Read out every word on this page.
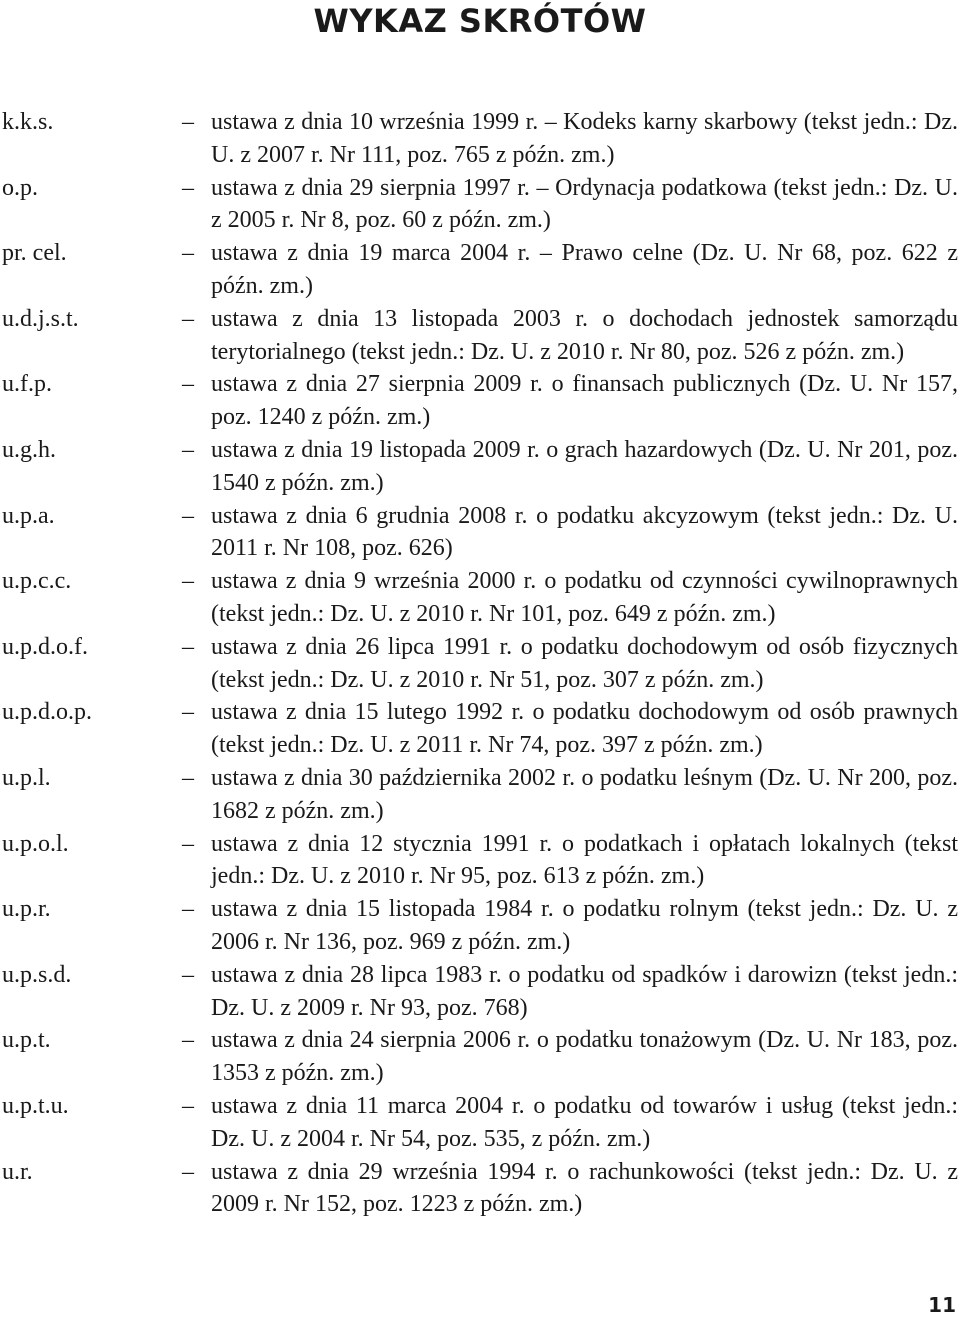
WYKAZ SKRÓTÓW
k.k.s.	– ustawa z dnia 10 września 1999 r. – Kodeks karny skarbowy (tekst jedn.: Dz. U. z 2007 r. Nr 111, poz. 765 z późn. zm.)
o.p.	– ustawa z dnia 29 sierpnia 1997 r. – Ordynacja podatkowa (tekst jedn.: Dz. U. z 2005 r. Nr 8, poz. 60 z późn. zm.)
pr. cel.	– ustawa z dnia 19 marca 2004 r. – Prawo celne (Dz. U. Nr 68, poz. 622 z późn. zm.)
u.d.j.s.t.	– ustawa z dnia 13 listopada 2003 r. o dochodach jednostek samorządu terytorialnego (tekst jedn.: Dz. U. z 2010 r. Nr 80, poz. 526 z późn. zm.)
u.f.p.	– ustawa z dnia 27 sierpnia 2009 r. o finansach publicznych (Dz. U. Nr 157, poz. 1240 z późn. zm.)
u.g.h.	– ustawa z dnia 19 listopada 2009 r. o grach hazardowych (Dz. U. Nr 201, poz. 1540 z późn. zm.)
u.p.a.	– ustawa z dnia 6 grudnia 2008 r. o podatku akcyzowym (tekst jedn.: Dz. U. 2011 r. Nr 108, poz. 626)
u.p.c.c.	– ustawa z dnia 9 września 2000 r. o podatku od czynności cywilnoprawnych (tekst jedn.: Dz. U. z 2010 r. Nr 101, poz. 649 z późn. zm.)
u.p.d.o.f.	– ustawa z dnia 26 lipca 1991 r. o podatku dochodowym od osób fizycznych (tekst jedn.: Dz. U. z 2010 r. Nr 51, poz. 307 z późn. zm.)
u.p.d.o.p.	– ustawa z dnia 15 lutego 1992 r. o podatku dochodowym od osób prawnych (tekst jedn.: Dz. U. z 2011 r. Nr 74, poz. 397 z późn. zm.)
u.p.l.	– ustawa z dnia 30 października 2002 r. o podatku leśnym (Dz. U. Nr 200, poz. 1682 z późn. zm.)
u.p.o.l.	– ustawa z dnia 12 stycznia 1991 r. o podatkach i opłatach lokalnych (tekst jedn.: Dz. U. z 2010 r. Nr 95, poz. 613 z późn. zm.)
u.p.r.	– ustawa z dnia 15 listopada 1984 r. o podatku rolnym (tekst jedn.: Dz. U. z 2006 r. Nr 136, poz. 969 z późn. zm.)
u.p.s.d.	– ustawa z dnia 28 lipca 1983 r. o podatku od spadków i darowizn (tekst jedn.: Dz. U. z 2009 r. Nr 93, poz. 768)
u.p.t.	– ustawa z dnia 24 sierpnia 2006 r. o podatku tonażowym (Dz. U. Nr 183, poz. 1353 z późn. zm.)
u.p.t.u.	– ustawa z dnia 11 marca 2004 r. o podatku od towarów i usług (tekst jedn.: Dz. U. z 2004 r. Nr 54, poz. 535, z późn. zm.)
u.r.	– ustawa z dnia 29 września 1994 r. o rachunkowości (tekst jedn.: Dz. U. z 2009 r. Nr 152, poz. 1223 z późn. zm.)
11
